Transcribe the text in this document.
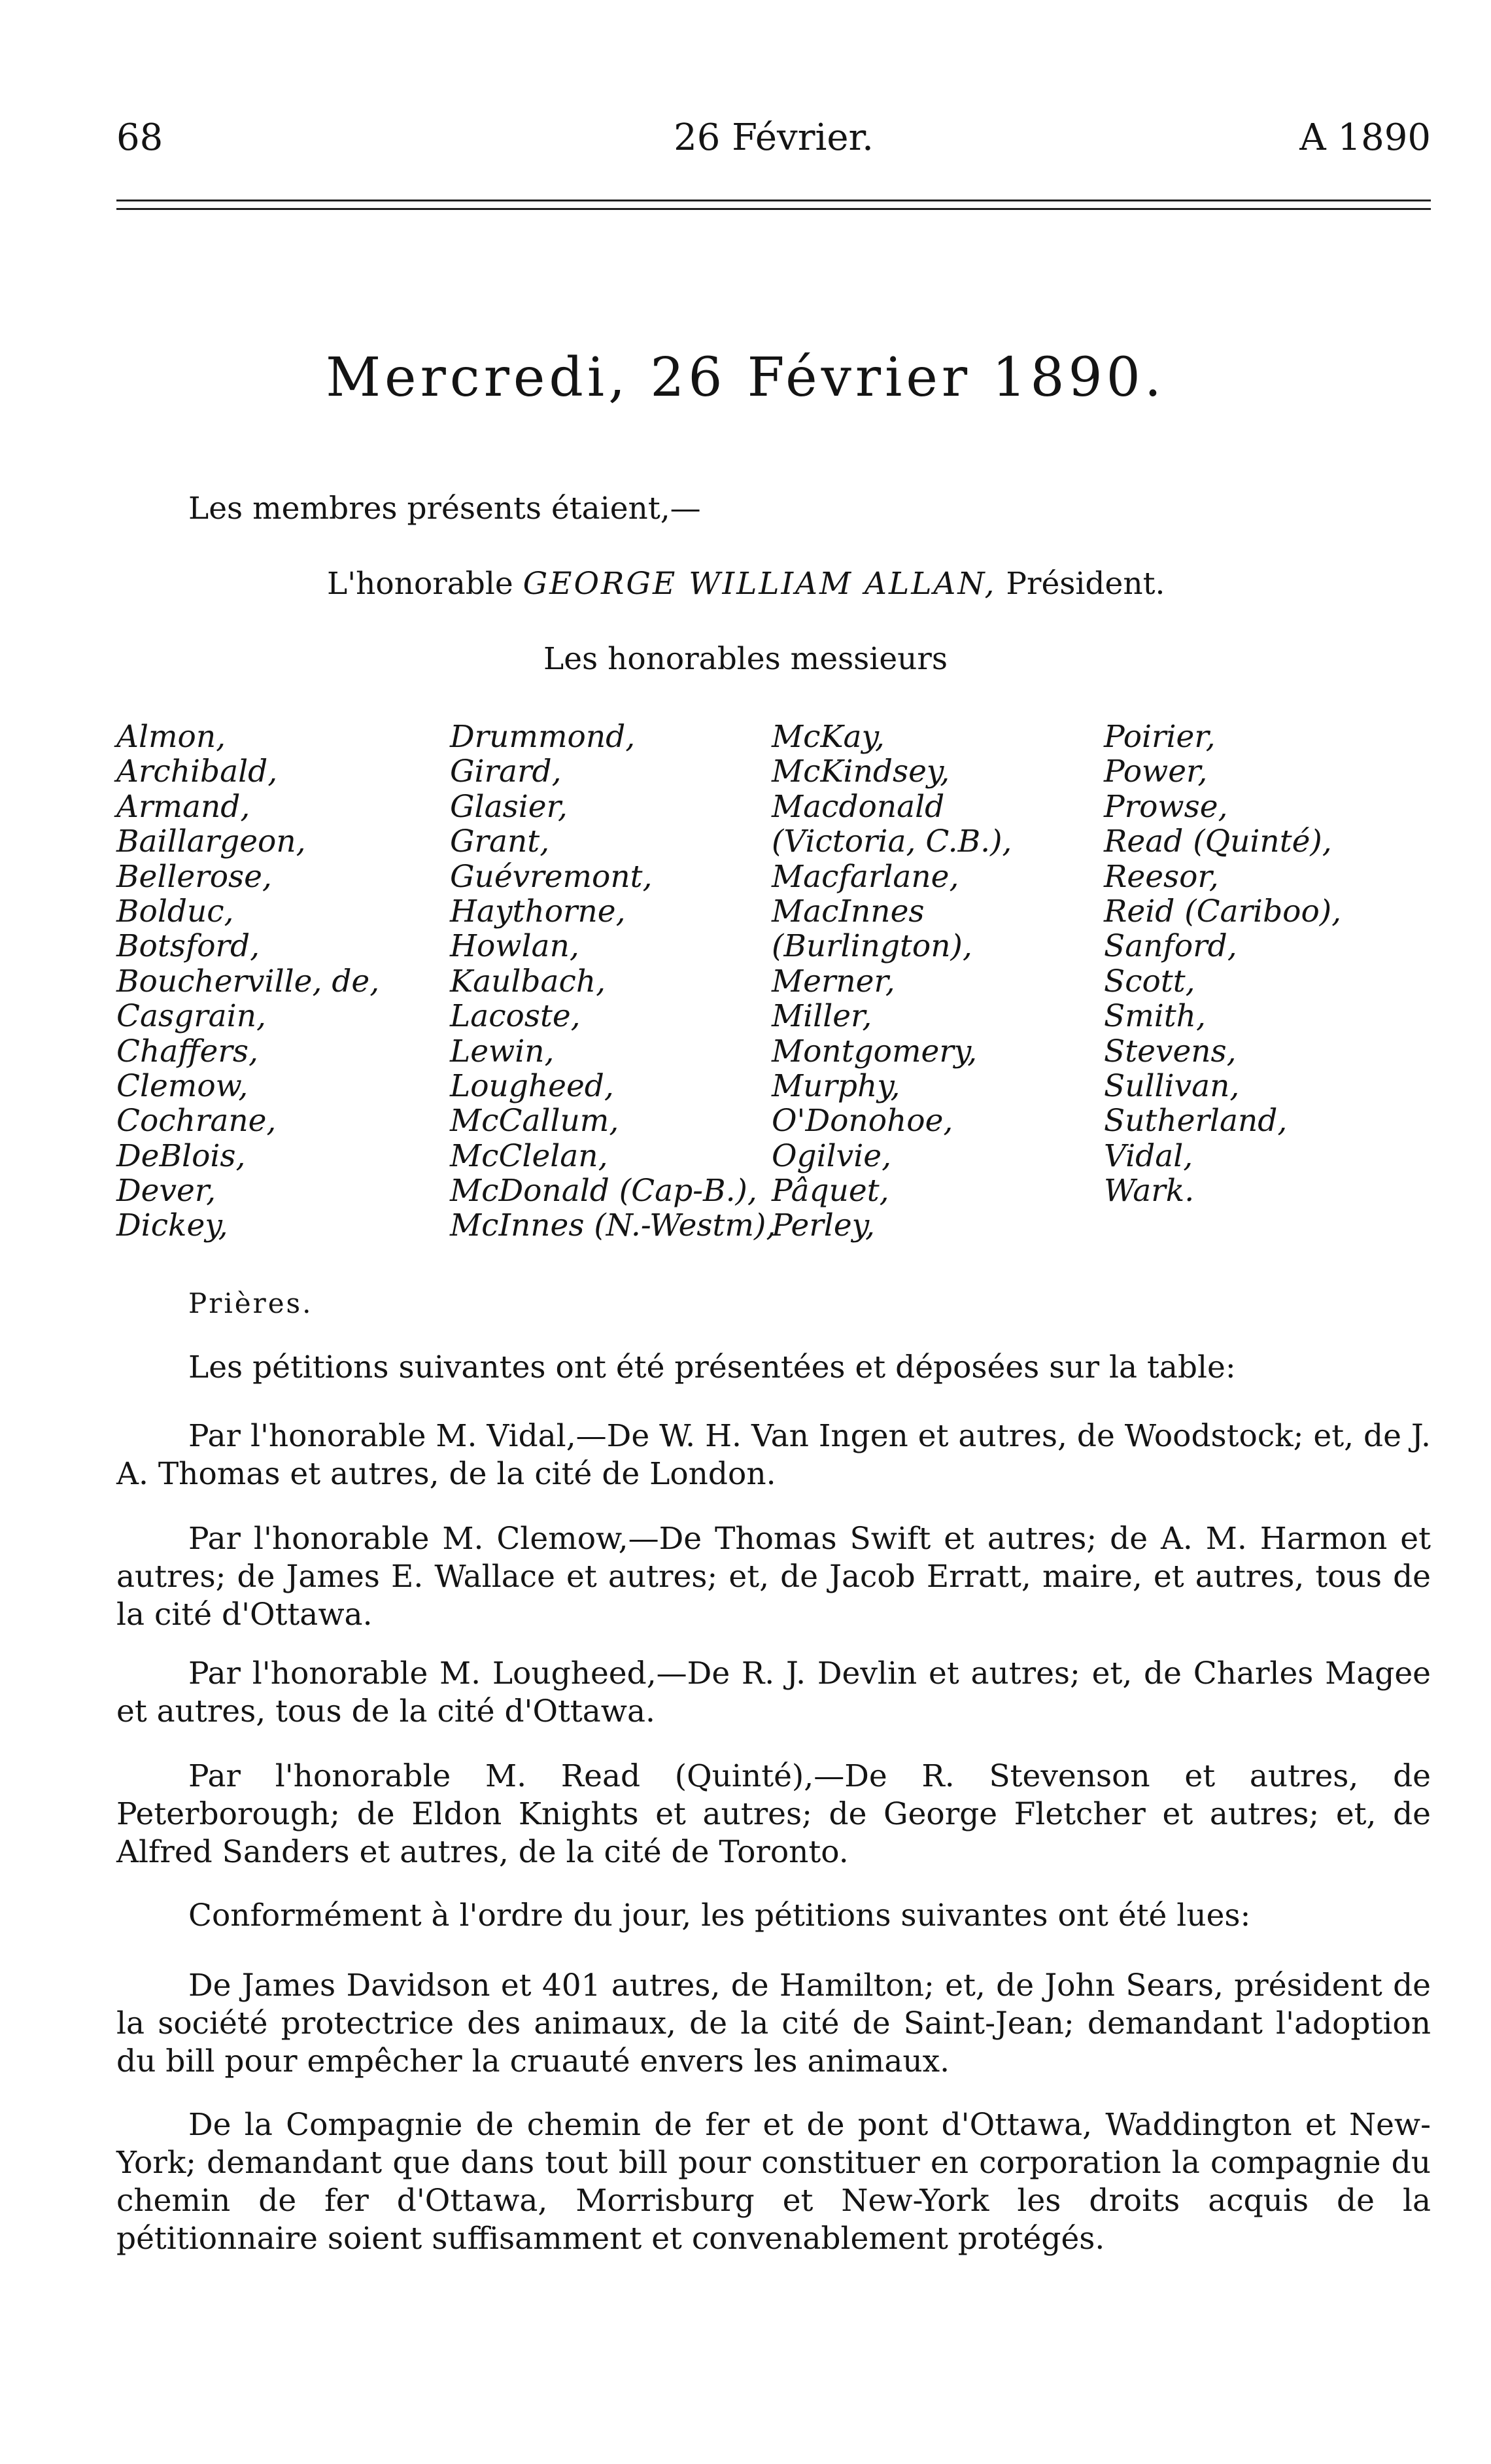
68	26 Février.	A 1890
Mercredi, 26 Février 1890.
Les membres présents étaient,—
L'honorable GEORGE WILLIAM ALLAN, Président.
Les honorables messieurs
Almon,
Archibald,
Armand,
Baillargeon,
Bellerose,
Bolduc,
Botsford,
Boucherville, de,
Casgrain,
Chaffers,
Clemow,
Cochrane,
DeBlois,
Dever,
Dickey,
Drummond,
Girard,
Glasier,
Grant,
Guévremont,
Haythorne,
Howlan,
Kaulbach,
Lacoste,
Lewin,
Lougheed,
McCallum,
McClelan,
McDonald (Cap-B.),
McInnes (N.-Westm),
McKay,
McKindsey,
Macdonald
(Victoria, C.B.),
Macfarlane,
MacInnes
(Burlington),
Merner,
Miller,
Montgomery,
Murphy,
O'Donohoe,
Ogilvie,
Pâquet,
Perley,
Poirier,
Power,
Prowse,
Read (Quinté),
Reesor,
Reid (Cariboo),
Sanford,
Scott,
Smith,
Stevens,
Sullivan,
Sutherland,
Vidal,
Wark.
Prières.

Les pétitions suivantes ont été présentées et déposées sur la table:

Par l'honorable M. Vidal,—De W. H. Van Ingen et autres, de Woodstock; et, de J. A. Thomas et autres, de la cité de London.

Par l'honorable M. Clemow,—De Thomas Swift et autres; de A. M. Harmon et autres; de James E. Wallace et autres; et, de Jacob Erratt, maire, et autres, tous de la cité d'Ottawa.

Par l'honorable M. Lougheed,—De R. J. Devlin et autres; et, de Charles Magee et autres, tous de la cité d'Ottawa.

Par l'honorable M. Read (Quinté),—De R. Stevenson et autres, de Peterborough; de Eldon Knights et autres; de George Fletcher et autres; et, de Alfred Sanders et autres, de la cité de Toronto.

Conformément à l'ordre du jour, les pétitions suivantes ont été lues:

De James Davidson et 401 autres, de Hamilton; et, de John Sears, président de la société protectrice des animaux, de la cité de Saint-Jean; demandant l'adoption du bill pour empêcher la cruauté envers les animaux.

De la Compagnie de chemin de fer et de pont d'Ottawa, Waddington et New-York; demandant que dans tout bill pour constituer en corporation la compagnie du chemin de fer d'Ottawa, Morrisburg et New-York les droits acquis de la pétitionnaire soient suffisamment et convenablement protégés.
